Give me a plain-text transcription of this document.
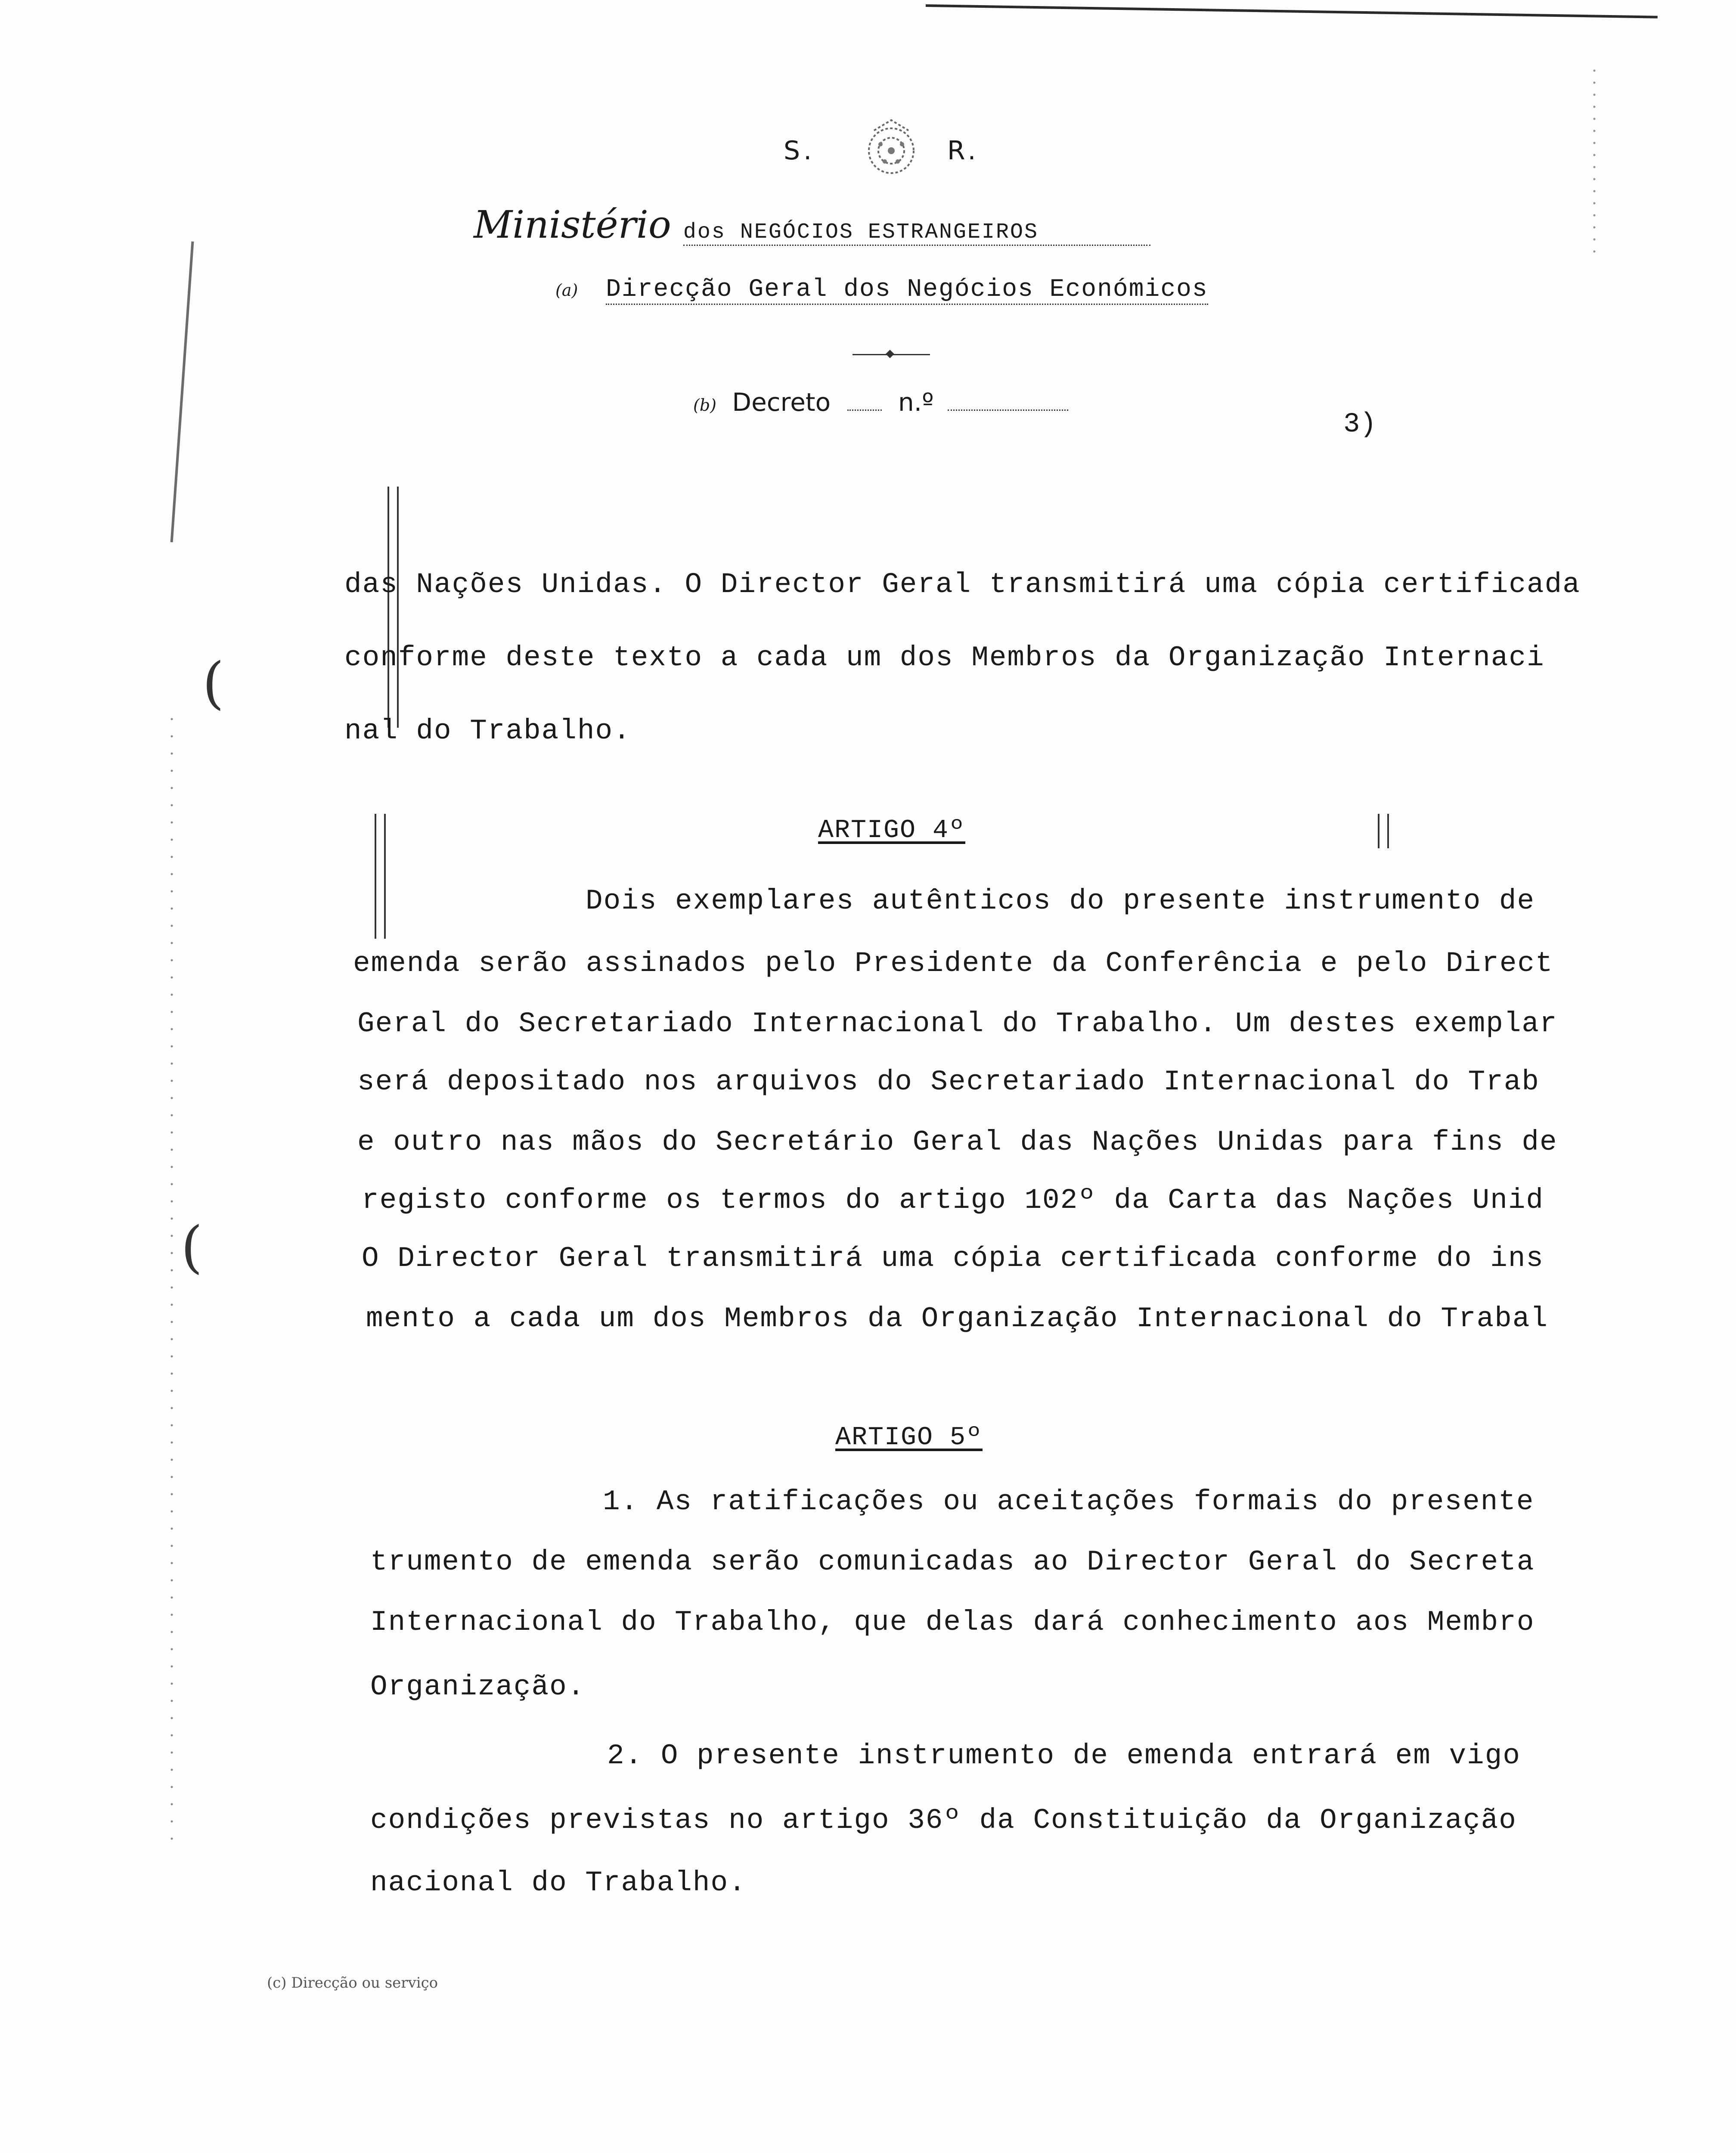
(
(
S.	R.
Ministério dos NEGÓCIOS ESTRANGEIROS
(a) Direcção Geral dos Negócios Económicos
(b) Decreto	n.º
3)
das Nações Unidas. O Director Geral transmitirá uma cópia certificada
conforme deste texto a cada um dos Membros da Organização Internaci
nal do Trabalho.
ARTIGO 4º
Dois exemplares autênticos do presente instrumento de
emenda serão assinados pelo Presidente da Conferência e pelo Direct
Geral do Secretariado Internacional do Trabalho. Um destes exemplar
será depositado nos arquivos do Secretariado Internacional do Trab
e outro nas mãos do Secretário Geral das Nações Unidas para fins de
registo conforme os termos do artigo 102º da Carta das Nações Unid
O Director Geral transmitirá uma cópia certificada conforme do ins
mento a cada um dos Membros da Organização Internacional do Trabal
ARTIGO 5º
1. As ratificações ou aceitações formais do presente
trumento de emenda serão comunicadas ao Director Geral do Secreta
Internacional do Trabalho, que delas dará conhecimento aos Membro
Organização.
2. O presente instrumento de emenda entrará em vigo
condições previstas no artigo 36º da Constituição da Organização
nacional do Trabalho.
(c) Direcção ou serviço
